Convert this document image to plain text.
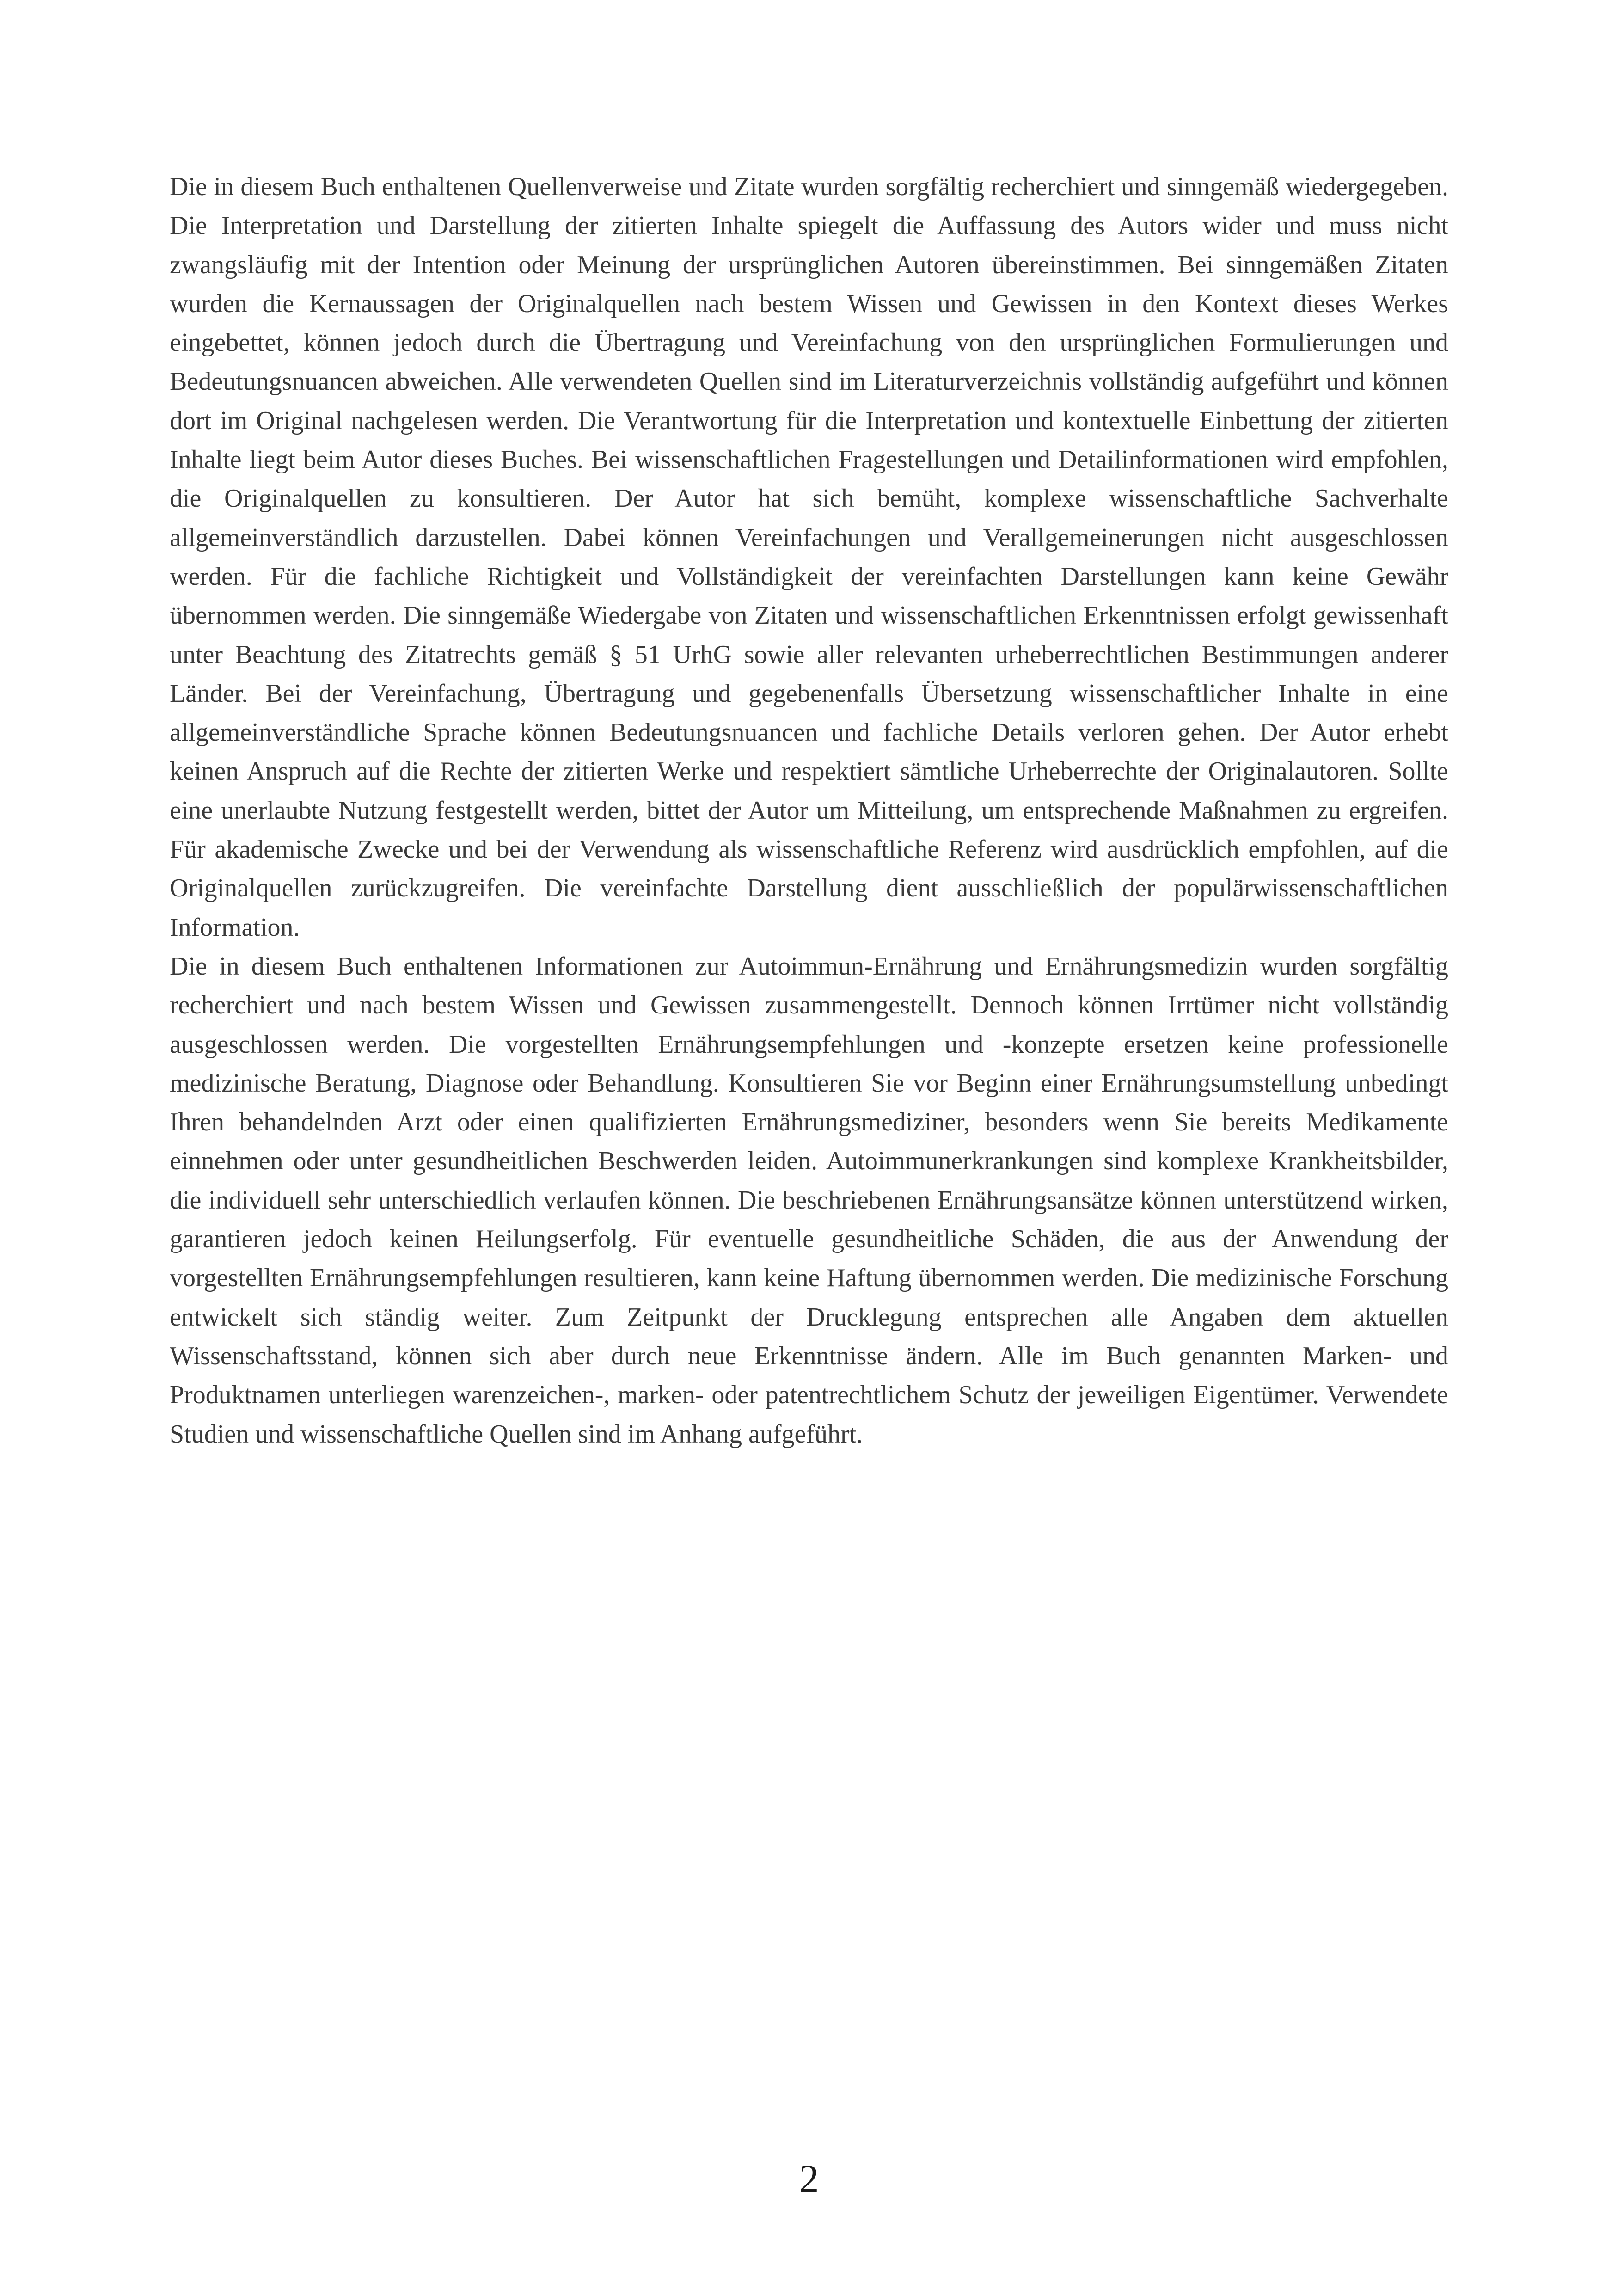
Die in diesem Buch enthaltenen Quellenverweise und Zitate wurden sorgfältig recherchiert und sinngemäß wiedergegeben. Die Interpretation und Darstellung der zitierten Inhalte spiegelt die Auffassung des Autors wider und muss nicht zwangsläufig mit der Intention oder Meinung der ursprünglichen Autoren übereinstimmen. Bei sinngemäßen Zitaten wurden die Kernaussagen der Originalquellen nach bestem Wissen und Gewissen in den Kontext dieses Werkes eingebettet, können jedoch durch die Übertragung und Vereinfachung von den ursprünglichen Formulierungen und Bedeutungsnuancen abweichen. Alle verwendeten Quellen sind im Literaturverzeichnis vollständig aufgeführt und können dort im Original nachgelesen werden. Die Verantwortung für die Interpretation und kontextuelle Einbettung der zitierten Inhalte liegt beim Autor dieses Buches. Bei wissenschaftlichen Fragestellungen und Detailinformationen wird empfohlen, die Originalquellen zu konsultieren. Der Autor hat sich bemüht, komplexe wissenschaftliche Sachverhalte allgemeinverständlich darzustellen. Dabei können Vereinfachungen und Verallgemeinerungen nicht ausgeschlossen werden. Für die fachliche Richtigkeit und Vollständigkeit der vereinfachten Darstellungen kann keine Gewähr übernommen werden. Die sinngemäße Wiedergabe von Zitaten und wissenschaftlichen Erkenntnissen erfolgt gewissenhaft unter Beachtung des Zitatrechts gemäß § 51 UrhG sowie aller relevanten urheberrechtlichen Bestimmungen anderer Länder. Bei der Vereinfachung, Übertragung und gegebenenfalls Übersetzung wissenschaftlicher Inhalte in eine allgemeinverständliche Sprache können Bedeutungsnuancen und fachliche Details verloren gehen. Der Autor erhebt keinen Anspruch auf die Rechte der zitierten Werke und respektiert sämtliche Urheberrechte der Originalautoren. Sollte eine unerlaubte Nutzung festgestellt werden, bittet der Autor um Mitteilung, um entsprechende Maßnahmen zu ergreifen. Für akademische Zwecke und bei der Verwendung als wissenschaftliche Referenz wird ausdrücklich empfohlen, auf die Originalquellen zurückzugreifen. Die vereinfachte Darstellung dient ausschließlich der populärwissenschaftlichen Information.

Die in diesem Buch enthaltenen Informationen zur Autoimmun-Ernährung und Ernährungsmedizin wurden sorgfältig recherchiert und nach bestem Wissen und Gewissen zusammengestellt. Dennoch können Irrtümer nicht vollständig ausgeschlossen werden. Die vorgestellten Ernährungsempfehlungen und -konzepte ersetzen keine professionelle medizinische Beratung, Diagnose oder Behandlung. Konsultieren Sie vor Beginn einer Ernährungsumstellung unbedingt Ihren behandelnden Arzt oder einen qualifizierten Ernährungsmediziner, besonders wenn Sie bereits Medikamente einnehmen oder unter gesundheitlichen Beschwerden leiden. Autoimmunerkrankungen sind komplexe Krankheitsbilder, die individuell sehr unterschiedlich verlaufen können. Die beschriebenen Ernährungsansätze können unterstützend wirken, garantieren jedoch keinen Heilungserfolg. Für eventuelle gesundheitliche Schäden, die aus der Anwendung der vorgestellten Ernährungsempfehlungen resultieren, kann keine Haftung übernommen werden. Die medizinische Forschung entwickelt sich ständig weiter. Zum Zeitpunkt der Drucklegung entsprechen alle Angaben dem aktuellen Wissenschaftsstand, können sich aber durch neue Erkenntnisse ändern. Alle im Buch genannten Marken- und Produktnamen unterliegen warenzeichen-, marken- oder patentrechtlichem Schutz der jeweiligen Eigentümer. Verwendete Studien und wissenschaftliche Quellen sind im Anhang aufgeführt.

2
